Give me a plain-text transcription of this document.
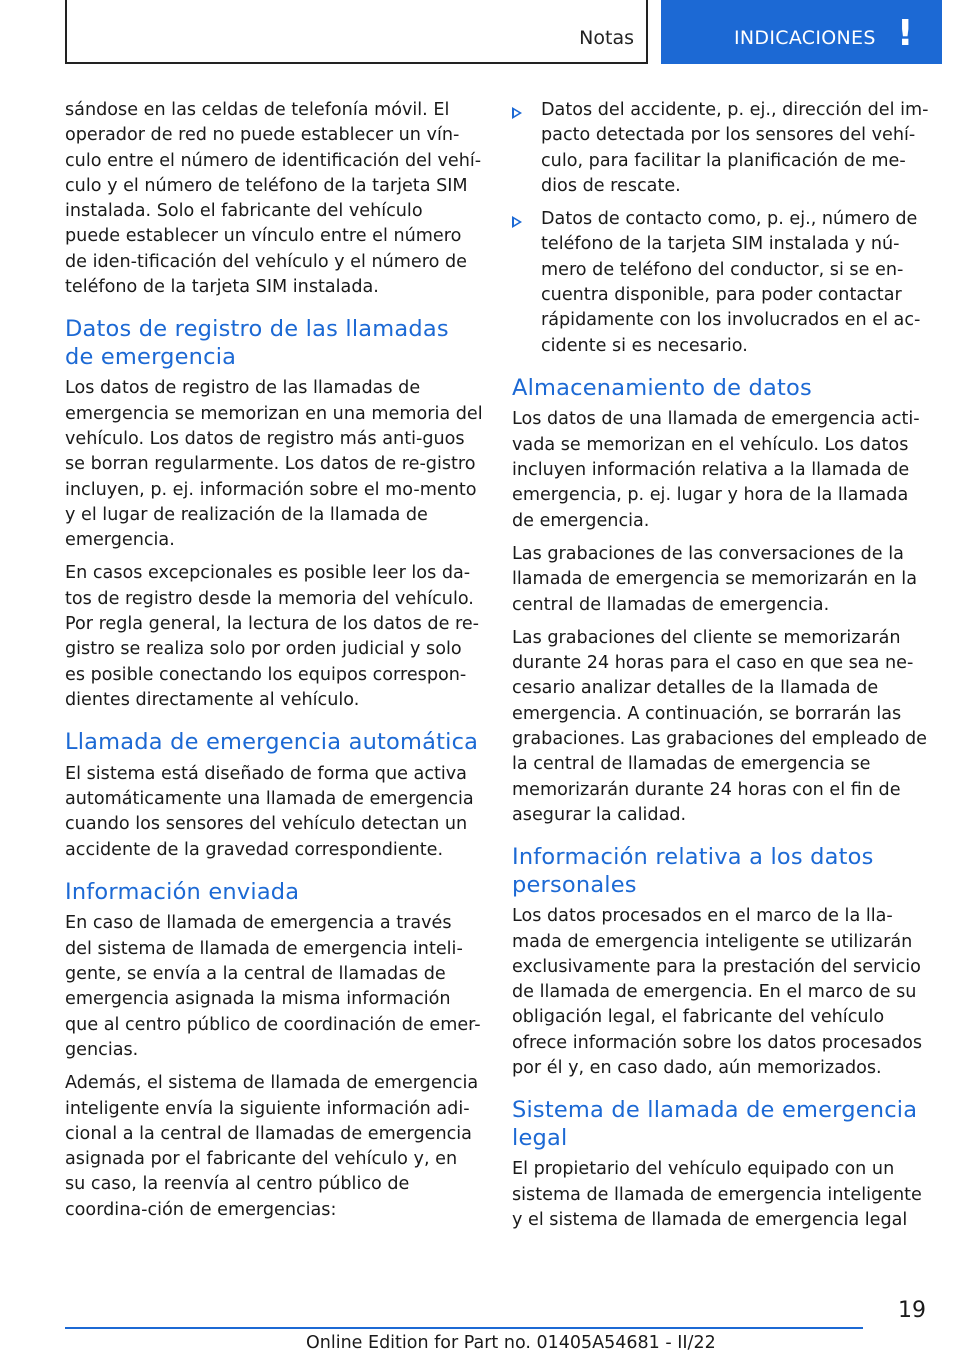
Notas	INDICACIONES !

sándose en las celdas de telefonía móvil. El operador de red no puede establecer un vín-culo entre el número de identificación del vehí-culo y el número de teléfono de la tarjeta SIM instalada. Solo el fabricante del vehículo puede establecer un vínculo entre el número de iden-tificación del vehículo y el número de teléfono de la tarjeta SIM instalada.

Datos de registro de las llamadas de emergencia

Los datos de registro de las llamadas de emergencia se memorizan en una memoria del vehículo. Los datos de registro más anti-guos se borran regularmente. Los datos de re-gistro incluyen, p. ej. información sobre el mo-mento y el lugar de realización de la llamada de emergencia.

En casos excepcionales es posible leer los da-tos de registro desde la memoria del vehículo. Por regla general, la lectura de los datos de re-gistro se realiza solo por orden judicial y solo es posible conectando los equipos correspon-dientes directamente al vehículo.

Llamada de emergencia automática

El sistema está diseñado de forma que activa automáticamente una llamada de emergencia cuando los sensores del vehículo detectan un accidente de la gravedad correspondiente.

Información enviada

En caso de llamada de emergencia a través del sistema de llamada de emergencia inteli-gente, se envía a la central de llamadas de emergencia asignada la misma información que al centro público de coordinación de emer-gencias.

Además, el sistema de llamada de emergencia inteligente envía la siguiente información adi-cional a la central de llamadas de emergencia asignada por el fabricante del vehículo y, en su caso, la reenvía al centro público de coordina-ción de emergencias:

Datos del accidente, p. ej., dirección del im-pacto detectada por los sensores del vehí-culo, para facilitar la planificación de me-dios de rescate.
Datos de contacto como, p. ej., número de teléfono de la tarjeta SIM instalada y nú-mero de teléfono del conductor, si se en-cuentra disponible, para poder contactar rápidamente con los involucrados en el ac-cidente si es necesario.
Almacenamiento de datos

Los datos de una llamada de emergencia acti-vada se memorizan en el vehículo. Los datos incluyen información relativa a la llamada de emergencia, p. ej. lugar y hora de la llamada de emergencia.

Las grabaciones de las conversaciones de la llamada de emergencia se memorizarán en la central de llamadas de emergencia.

Las grabaciones del cliente se memorizarán durante 24 horas para el caso en que sea ne-cesario analizar detalles de la llamada de emergencia. A continuación, se borrarán las grabaciones. Las grabaciones del empleado de la central de llamadas de emergencia se memorizarán durante 24 horas con el fin de asegurar la calidad.

Información relativa a los datos personales

Los datos procesados en el marco de la lla-mada de emergencia inteligente se utilizarán exclusivamente para la prestación del servicio de llamada de emergencia. En el marco de su obligación legal, el fabricante del vehículo ofrece información sobre los datos procesados por él y, en caso dado, aún memorizados.

Sistema de llamada de emergencia legal

El propietario del vehículo equipado con un sistema de llamada de emergencia inteligente y el sistema de llamada de emergencia legal

19
Online Edition for Part no. 01405A54681 - II/22
